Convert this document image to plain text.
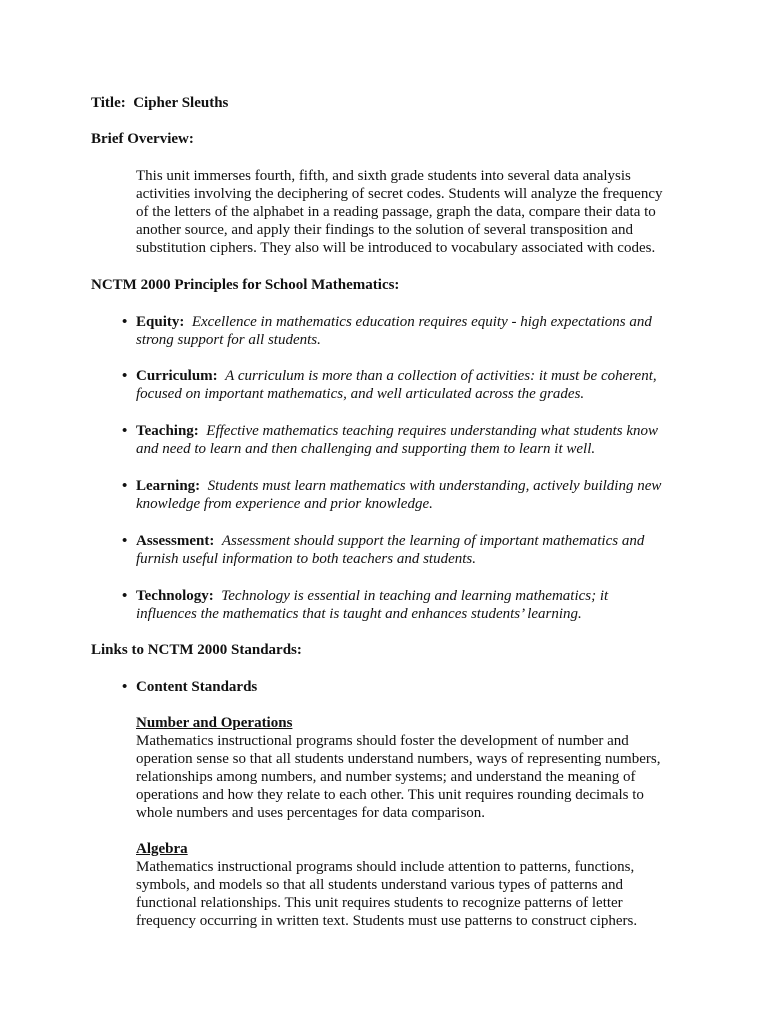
Title: Cipher Sleuths

Brief Overview:

This unit immerses fourth, fifth, and sixth grade students into several data analysis
activities involving the deciphering of secret codes. Students will analyze the frequency
of the letters of the alphabet in a reading passage, graph the data, compare their data to
another source, and apply their findings to the solution of several transposition and
substitution ciphers. They also will be introduced to vocabulary associated with codes.

NCTM 2000 Principles for School Mathematics:

• Equity: Excellence in mathematics education requires equity - high expectations and
strong support for all students.

• Curriculum: A curriculum is more than a collection of activities: it must be coherent,
focused on important mathematics, and well articulated across the grades.

• Teaching: Effective mathematics teaching requires understanding what students know
and need to learn and then challenging and supporting them to learn it well.

• Learning: Students must learn mathematics with understanding, actively building new
knowledge from experience and prior knowledge.

• Assessment: Assessment should support the learning of important mathematics and
furnish useful information to both teachers and students.

• Technology: Technology is essential in teaching and learning mathematics; it
influences the mathematics that is taught and enhances students’ learning.

Links to NCTM 2000 Standards:

• Content Standards

Number and Operations

Mathematics instructional programs should foster the development of number and
operation sense so that all students understand numbers, ways of representing numbers,
relationships among numbers, and number systems; and understand the meaning of
operations and how they relate to each other. This unit requires rounding decimals to
whole numbers and uses percentages for data comparison.

Algebra

Mathematics instructional programs should include attention to patterns, functions,
symbols, and models so that all students understand various types of patterns and
functional relationships. This unit requires students to recognize patterns of letter
frequency occurring in written text. Students must use patterns to construct ciphers.
